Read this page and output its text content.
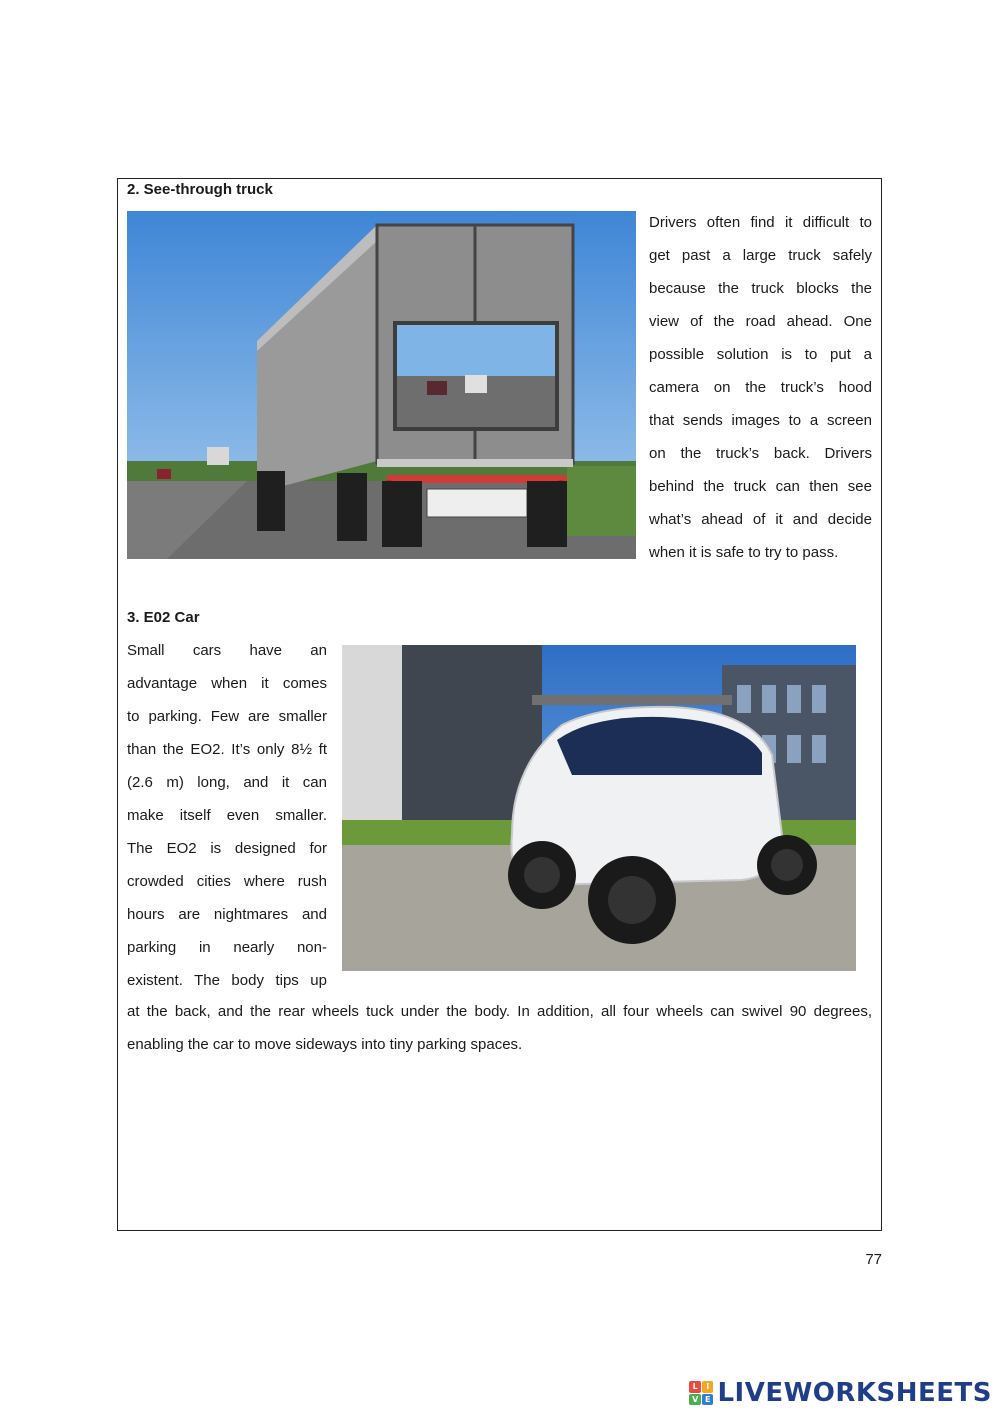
2. See-through truck
Drivers often find it difficult to
get past a large truck safely
because the truck blocks the
view of the road ahead. One
possible solution is to put a
camera on the truck’s hood
that sends images to a screen
on the truck’s back. Drivers
behind the truck can then see
what’s ahead of it and decide
when it is safe to try to pass.
3. E02 Car
Small cars have an
advantage when it comes
to parking. Few are smaller
than the EO2. It’s only 8½ ft
(2.6 m) long, and it can
make itself even smaller.
The EO2 is designed for
crowded cities where rush
hours are nightmares and
parking in nearly non-
existent. The body tips up
at the back, and the rear wheels tuck under the body. In addition, all four wheels can swivel 90 degrees,
enabling the car to move sideways into tiny parking spaces.
77
L	I
V E LIVEWORKSHEETS
